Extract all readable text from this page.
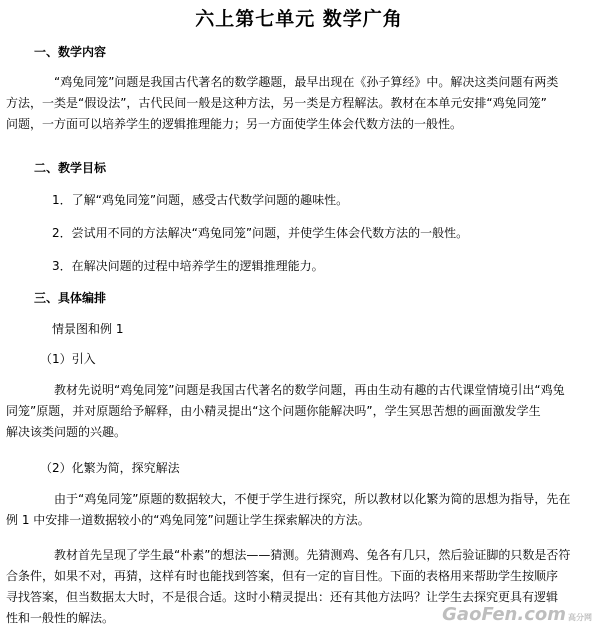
六上第七单元 数学广角
一、数学内容
“鸡兔同笼”问题是我国古代著名的数学趣题，最早出现在《孙子算经》中。解决这类问题有两类
方法，一类是“假设法”，古代民间一般是这种方法，另一类是方程解法。教材在本单元安排“鸡兔同笼”
问题，一方面可以培养学生的逻辑推理能力；另一方面使学生体会代数方法的一般性。
二、教学目标
1．了解“鸡兔同笼”问题，感受古代数学问题的趣味性。
2．尝试用不同的方法解决“鸡兔同笼”问题，并使学生体会代数方法的一般性。
3．在解决问题的过程中培养学生的逻辑推理能力。
三、具体编排
情景图和例 1
（1）引入
教材先说明“鸡兔同笼”问题是我国古代著名的数学问题，再由生动有趣的古代课堂情境引出“鸡兔
同笼”原题，并对原题给予解释，由小精灵提出“这个问题你能解决吗”，学生冥思苦想的画面激发学生
解决该类问题的兴趣。
（2）化繁为简，探究解法
由于“鸡兔同笼”原题的数据较大，不便于学生进行探究，所以教材以化繁为简的思想为指导，先在
例 1 中安排一道数据较小的“鸡兔同笼”问题让学生探索解决的方法。
教材首先呈现了学生最“朴素”的想法——猜测。先猜测鸡、兔各有几只，然后验证脚的只数是否符
合条件，如果不对，再猜，这样有时也能找到答案，但有一定的盲目性。下面的表格用来帮助学生按顺序
寻找答案，但当数据太大时，不是很合适。这时小精灵提出：还有其他方法吗？让学生去探究更具有逻辑
性和一般性的解法。	GaoFen.com 高分网
